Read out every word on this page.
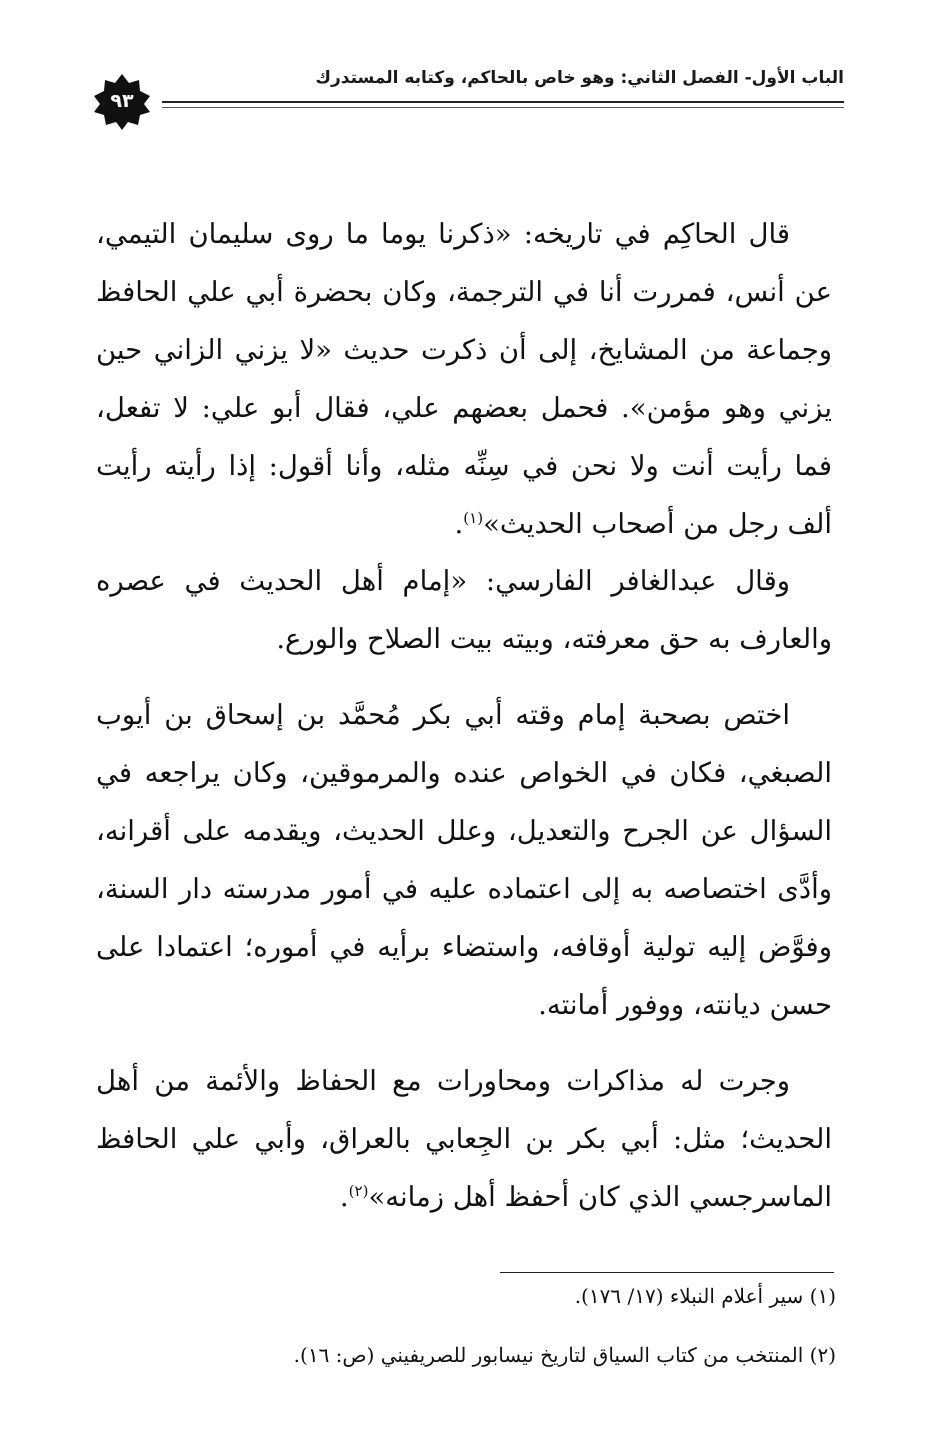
الباب الأول- الفصل الثاني: وهو خاص بالحاكم، وكتابه المستدرك
٩٣

قال الحاكِم في تاريخه: «ذكرنا يوما ما روى سليمان التيمي، عن أنس، فمررت أنا في الترجمة، وكان بحضرة أبي علي الحافظ وجماعة من المشايخ، إلى أن ذكرت حديث «لا يزني الزاني حين يزني وهو مؤمن». فحمل بعضهم علي، فقال أبو علي: لا تفعل، فما رأيت أنت ولا نحن في سِنِّه مثله، وأنا أقول: إذا رأيته رأيت ألف رجل من أصحاب الحديث»$^{(١)}$.

وقال عبدالغافر الفارسي: «إمام أهل الحديث في عصره والعارف به حق معرفته، وبيته بيت الصلاح والورع.

اختص بصحبة إمام وقته أبي بكر مُحمَّد بن إسحاق بن أيوب الصبغي، فكان في الخواص عنده والمرموقين، وكان يراجعه في السؤال عن الجرح والتعديل، وعلل الحديث، ويقدمه على أقرانه، وأدَّى اختصاصه به إلى اعتماده عليه في أمور مدرسته دار السنة، وفوَّض إليه تولية أوقافه، واستضاء برأيه في أموره؛ اعتمادا على حسن ديانته، ووفور أمانته.

وجرت له مذاكرات ومحاورات مع الحفاظ والأئمة من أهل الحديث؛ مثل: أبي بكر بن الجِعابي بالعراق، وأبي علي الحافظ الماسرجسي الذي كان أحفظ أهل زمانه»$^{(٢)}$.

(١) سير أعلام النبلاء (١٧/ ١٧٦).
(٢) المنتخب من كتاب السياق لتاريخ نيسابور للصريفيني (ص: ١٦).
